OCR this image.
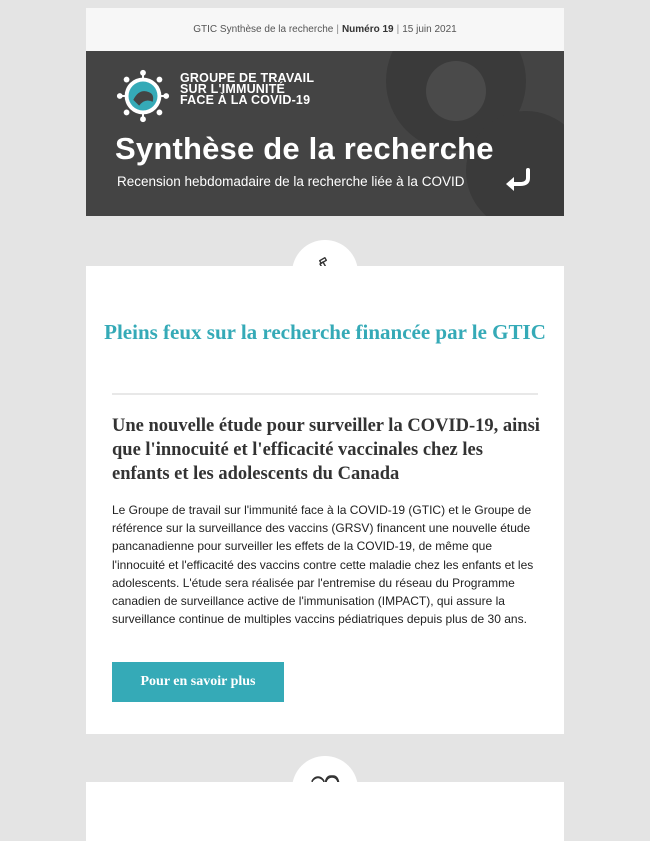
GTIC Synthèse de la recherche | Numéro 19 | 15 juin 2021
GROUPE DE TRAVAIL
SUR L'IMMUNITÉ
FACE À LA COVID-19
Synthèse de la recherche
Recension hebdomadaire de la recherche liée à la COVID
Pleins feux sur la recherche financée par le GTIC
Une nouvelle étude pour surveiller la COVID-19, ainsi que l'innocuité et l'efficacité vaccinales chez les enfants et les adolescents du Canada

Le Groupe de travail sur l'immunité face à la COVID-19 (GTIC) et le Groupe de référence sur la surveillance des vaccins (GRSV) financent une nouvelle étude pancanadienne pour surveiller les effets de la COVID-19, de même que l'innocuité et l'efficacité des vaccins contre cette maladie chez les enfants et les adolescents. L'étude sera réalisée par l'entremise du réseau du Programme canadien de surveillance active de l'immunisation (IMPACT), qui assure la surveillance continue de multiples vaccins pédiatriques depuis plus de 30 ans.

Pour en savoir plus
